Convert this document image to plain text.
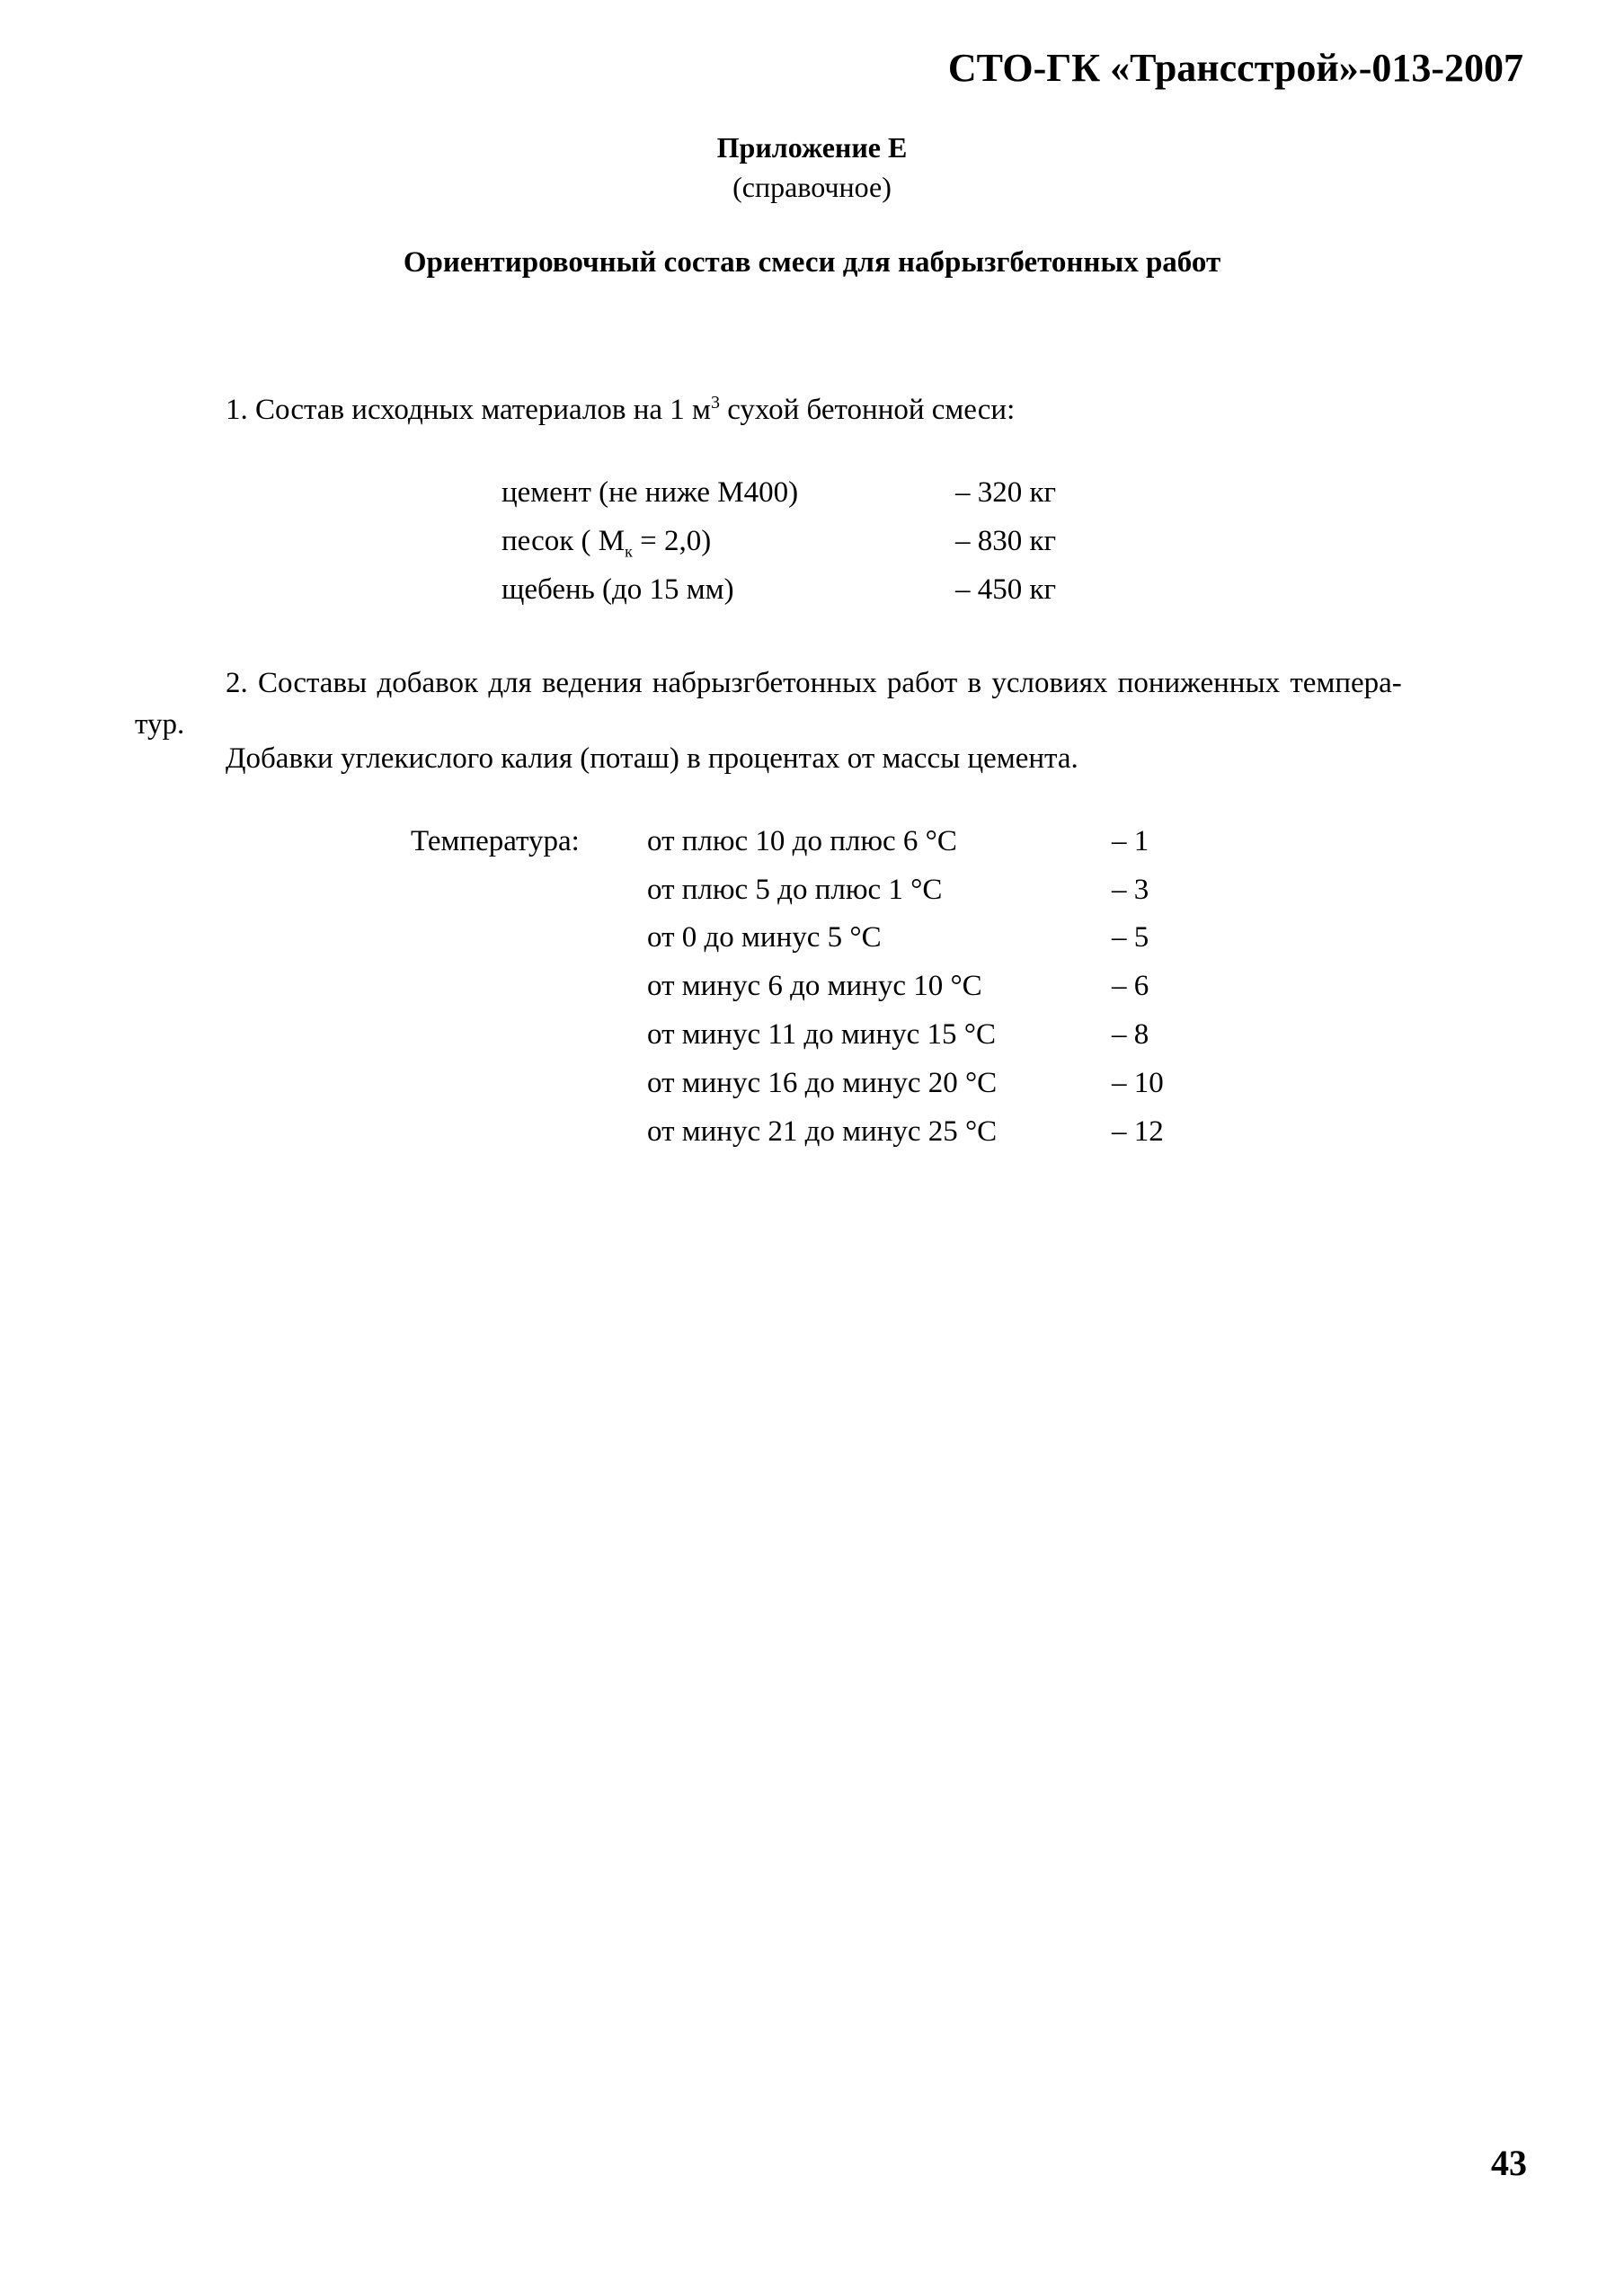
СТО-ГК «Трансстрой»-013-2007
Приложение Е
(справочное)
Ориентировочный состав смеси для набрызгбетонных работ
1. Состав исходных материалов на 1 $м^3$ сухой бетонной смеси:
цемент (не ниже М400)	– 320 кг
песок ( $М_к = 2,0$)	– 830 кг
щебень (до 15 мм)	– 450 кг
2. Составы добавок для ведения набрызгбетонных работ в условиях пониженных темпера-
тур.
Добавки углекислого калия (поташ) в процентах от массы цемента.
Температура: от плюс 10 до плюс 6 °С	– 1
от плюс 5 до плюс 1 °С	– 3
от 0 до минус 5 °С	– 5
от минус 6 до минус 10 °С	– 6
от минус 11 до минус 15 °С	– 8
от минус 16 до минус 20 °С	– 10
от минус 21 до минус 25 °С	– 12
43
